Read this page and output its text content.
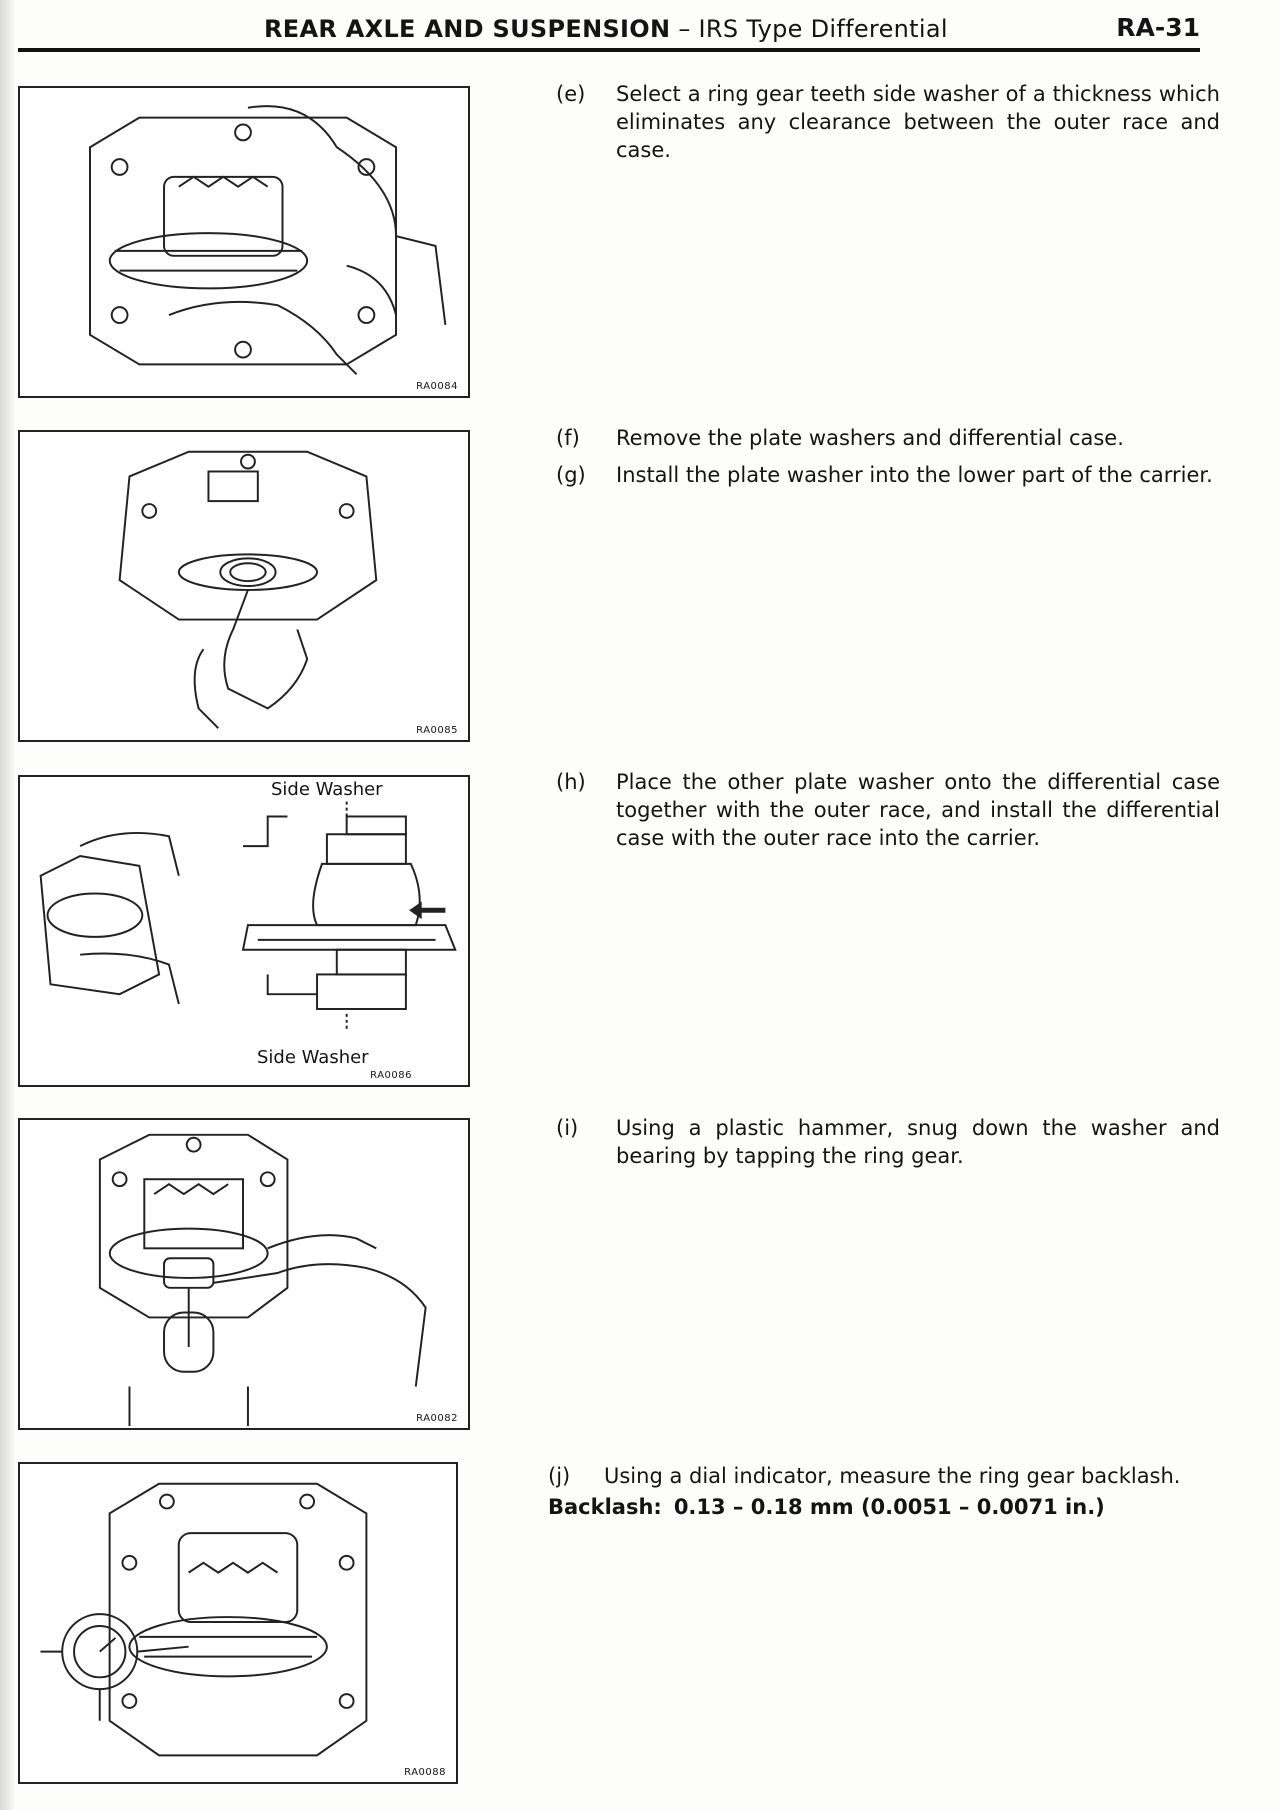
REAR AXLE AND SUSPENSION – IRS Type Differential	RA-31
RA0084
(e)	Select a ring gear teeth side washer of a thickness which eliminates any clearance between the outer race and case.
RA0085
(f)	Remove the plate washers and differential case.
(g)	Install the plate washer into the lower part of the carrier.
Side Washer
Side Washer
RA0086
(h)	Place the other plate washer onto the differential case together with the outer race, and install the differential case with the outer race into the carrier.
RA0082
(i)	Using a plastic hammer, snug down the washer and bearing by tapping the ring gear.
RA0088
(j)	Using a dial indicator, measure the ring gear backlash.
Backlash: 0.13 – 0.18 mm (0.0051 – 0.0071 in.)
